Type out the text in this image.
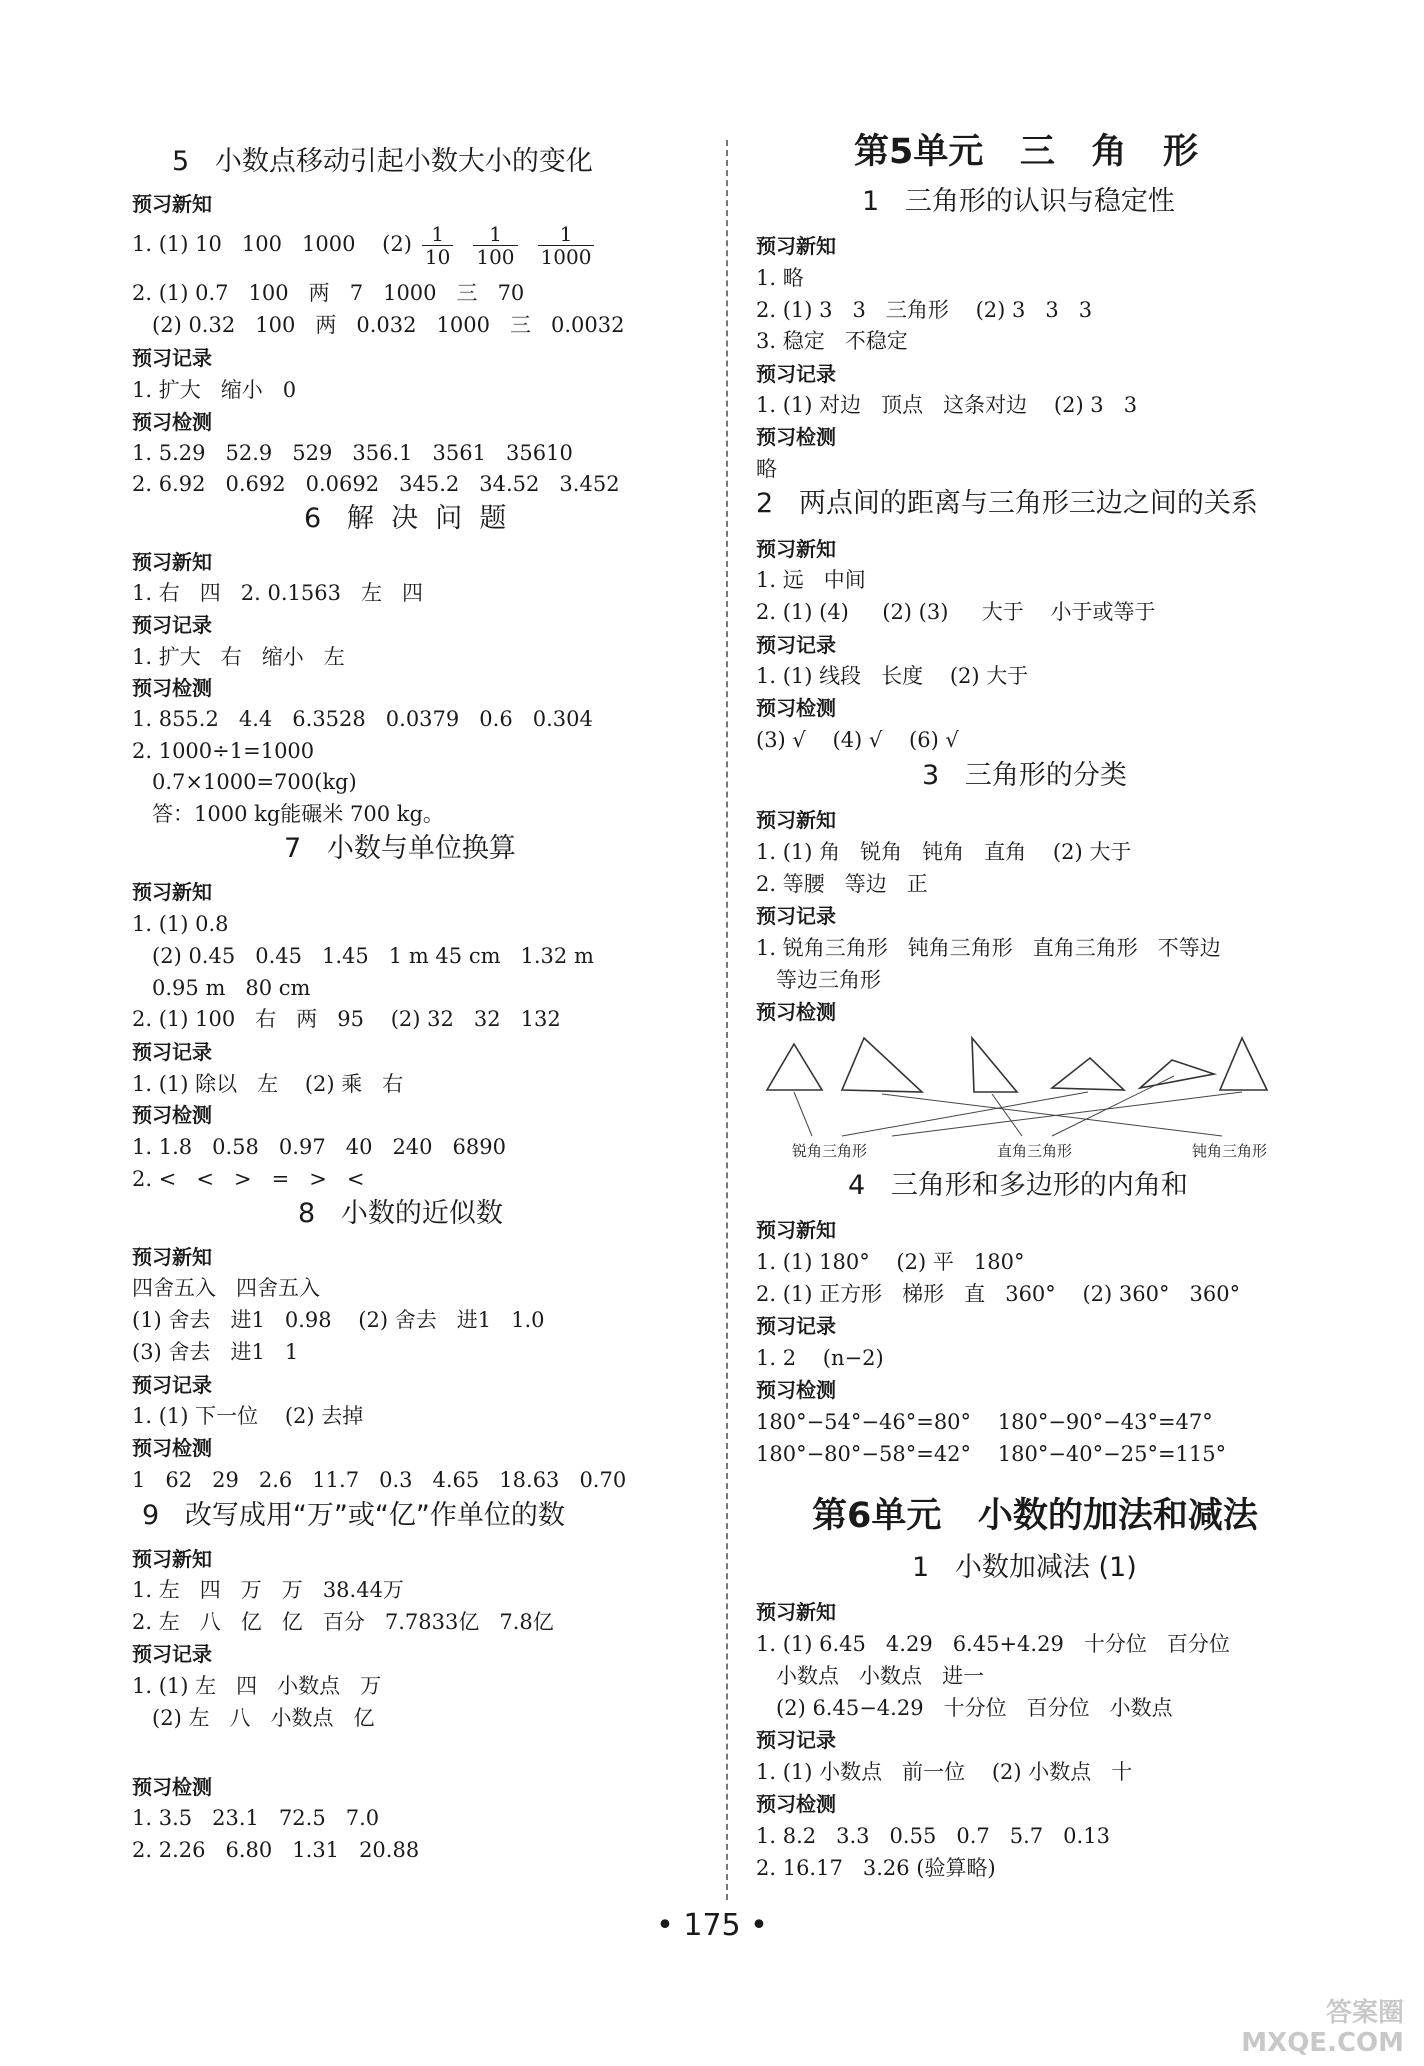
5   小数点移动引起小数大小的变化
预习新知
1. (1) 10   100   1000    $(2) \frac{1}{10} \frac{1}{100} \frac{1}{1000}$
2. (1) 0.7   100   两   7   1000   三   70
(2) 0.32   100   两   0.032   1000   三   0.0032
预习记录
1. 扩大   缩小   0
预习检测
1. 5.29   52.9   529   356.1   3561   35610
2. 6.92   0.692   0.0692   345.2   34.52   3.452
6   解  决  问  题
预习新知
1. 右   四   2. 0.1563   左   四
预习记录
1. 扩大   右   缩小   左
预习检测
1. 855.2   4.4   6.3528   0.0379   0.6   0.304
2. 1000÷1=1000
0.7×1000=700(kg)
答：1000 kg能碾米 700 kg。
7   小数与单位换算
预习新知
1. (1) 0.8
(2) 0.45   0.45   1.45   1 m 45 cm   1.32 m
0.95 m   80 cm
2. (1) 100   右   两   95    (2) 32   32   132
预习记录
1. (1) 除以   左    (2) 乘   右
预习检测
1. 1.8   0.58   0.97   40   240   6890
2. <   <   >   =   >   <
8   小数的近似数
预习新知
四舍五入   四舍五入
(1) 舍去   进1   0.98    (2) 舍去   进1   1.0
(3) 舍去   进1   1
预习记录
1. (1) 下一位    (2) 去掉
预习检测
1   62   29   2.6   11.7   0.3   4.65   18.63   0.70
9   改写成用“万”或“亿”作单位的数
预习新知
1. 左   四   万   万   38.44万
2. 左   八   亿   亿   百分   7.7833亿   7.8亿
预习记录
1. (1) 左   四   小数点   万
(2) 左   八   小数点   亿
预习检测
1. 3.5   23.1   72.5   7.0
2. 2.26   6.80   1.31   20.88
第5单元   三   角   形
1   三角形的认识与稳定性
预习新知
1. 略
2. (1) 3   3   三角形    (2) 3   3   3
3. 稳定   不稳定
预习记录
1. (1) 对边   顶点   这条对边    (2) 3   3
预习检测
略
2   两点间的距离与三角形三边之间的关系
预习新知
1. 远   中间
2. (1) (4)     (2) (3)     大于    小于或等于
预习记录
1. (1) 线段   长度    (2) 大于
预习检测
(3) √    (4) √    (6) √
3   三角形的分类
预习新知
1. (1) 角   锐角   钝角   直角    (2) 大于
2. 等腰   等边   正
预习记录
1. 锐角三角形   钝角三角形   直角三角形   不等边
等边三角形
预习检测
4   三角形和多边形的内角和
预习新知
1. (1) 180°    (2) 平   180°
2. (1) 正方形   梯形   直   360°    (2) 360°   360°
预习记录
1. 2    (n−2)
预习检测
180°−54°−46°=80°    180°−90°−43°=47°
180°−80°−58°=42°    180°−40°−25°=115°
第6单元   小数的加法和减法
1   小数加减法 (1)
预习新知
1. (1) 6.45   4.29   6.45+4.29   十分位   百分位
小数点   小数点   进一
(2) 6.45−4.29   十分位   百分位   小数点
预习记录
1. (1) 小数点   前一位    (2) 小数点   十
预习检测
1. 8.2   3.3   0.55   0.7   5.7   0.13
2. 16.17   3.26 (验算略)
锐角三角形	直角三角形	钝角三角形
• 175 •
答案圈
MXQE.COM
